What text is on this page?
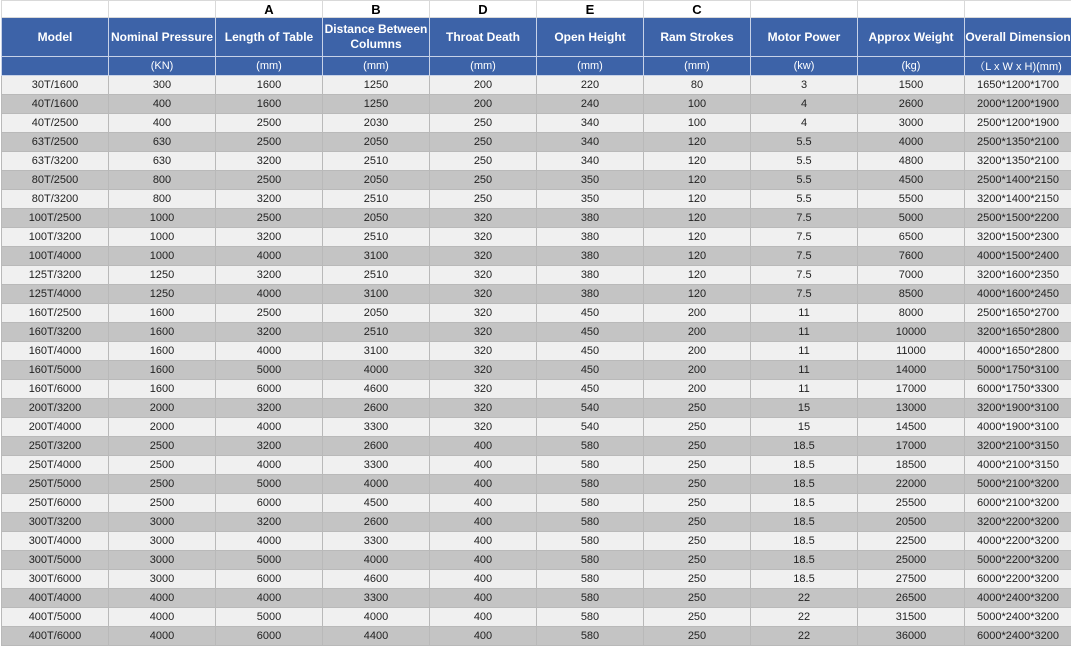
		A	B	D	E	C			
Model	Nominal Pressure	Length of Table	Distance Between Columns	Throat Death	Open Height	Ram Strokes	Motor Power	Approx Weight	Overall Dimension
	(KN)	(mm)	(mm)	(mm)	(mm)	(mm)	(kw)	(kg)	（L x W x H)(mm)
30T/1600	300	1600	1250	200	220	80	3	1500	1650*1200*1700
40T/1600	400	1600	1250	200	240	100	4	2600	2000*1200*1900
40T/2500	400	2500	2030	250	340	100	4	3000	2500*1200*1900
63T/2500	630	2500	2050	250	340	120	5.5	4000	2500*1350*2100
63T/3200	630	3200	2510	250	340	120	5.5	4800	3200*1350*2100
80T/2500	800	2500	2050	250	350	120	5.5	4500	2500*1400*2150
80T/3200	800	3200	2510	250	350	120	5.5	5500	3200*1400*2150
100T/2500	1000	2500	2050	320	380	120	7.5	5000	2500*1500*2200
100T/3200	1000	3200	2510	320	380	120	7.5	6500	3200*1500*2300
100T/4000	1000	4000	3100	320	380	120	7.5	7600	4000*1500*2400
125T/3200	1250	3200	2510	320	380	120	7.5	7000	3200*1600*2350
125T/4000	1250	4000	3100	320	380	120	7.5	8500	4000*1600*2450
160T/2500	1600	2500	2050	320	450	200	11	8000	2500*1650*2700
160T/3200	1600	3200	2510	320	450	200	11	10000	3200*1650*2800
160T/4000	1600	4000	3100	320	450	200	11	11000	4000*1650*2800
160T/5000	1600	5000	4000	320	450	200	11	14000	5000*1750*3100
160T/6000	1600	6000	4600	320	450	200	11	17000	6000*1750*3300
200T/3200	2000	3200	2600	320	540	250	15	13000	3200*1900*3100
200T/4000	2000	4000	3300	320	540	250	15	14500	4000*1900*3100
250T/3200	2500	3200	2600	400	580	250	18.5	17000	3200*2100*3150
250T/4000	2500	4000	3300	400	580	250	18.5	18500	4000*2100*3150
250T/5000	2500	5000	4000	400	580	250	18.5	22000	5000*2100*3200
250T/6000	2500	6000	4500	400	580	250	18.5	25500	6000*2100*3200
300T/3200	3000	3200	2600	400	580	250	18.5	20500	3200*2200*3200
300T/4000	3000	4000	3300	400	580	250	18.5	22500	4000*2200*3200
300T/5000	3000	5000	4000	400	580	250	18.5	25000	5000*2200*3200
300T/6000	3000	6000	4600	400	580	250	18.5	27500	6000*2200*3200
400T/4000	4000	4000	3300	400	580	250	22	26500	4000*2400*3200
400T/5000	4000	5000	4000	400	580	250	22	31500	5000*2400*3200
400T/6000	4000	6000	4400	400	580	250	22	36000	6000*2400*3200
